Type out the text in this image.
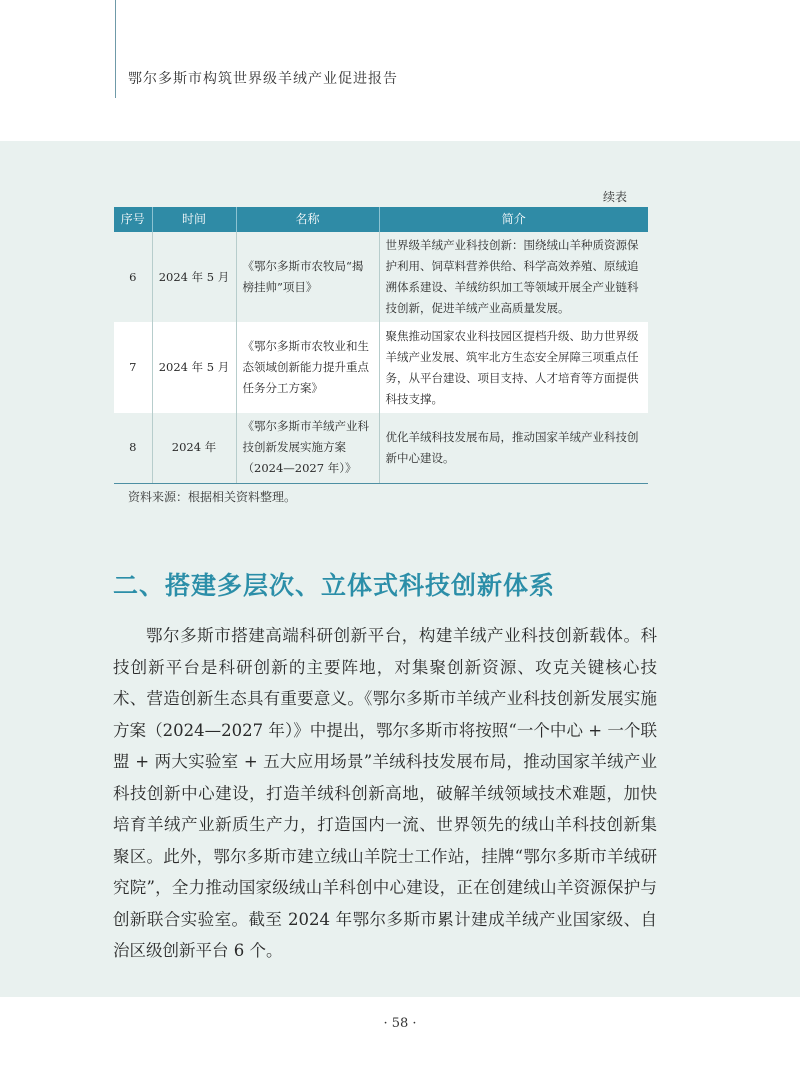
鄂尔多斯市构筑世界级羊绒产业促进报告
续表
序号	时间	名称	简介
6	2024 年 5 月	《鄂尔多斯市农牧局“揭榜挂帅”项目》	世界级羊绒产业科技创新：围绕绒山羊种质资源保护利用、饲草料营养供给、科学高效养殖、原绒追溯体系建设、羊绒纺织加工等领域开展全产业链科技创新，促进羊绒产业高质量发展。
7	2024 年 5 月	《鄂尔多斯市农牧业和生态领域创新能力提升重点任务分工方案》	聚焦推动国家农业科技园区提档升级、助力世界级羊绒产业发展、筑牢北方生态安全屏障三项重点任务，从平台建设、项目支持、人才培育等方面提供科技支撑。
8	2024 年	《鄂尔多斯市羊绒产业科技创新发展实施方案（2024—2027 年）》	优化羊绒科技发展布局，推动国家羊绒产业科技创新中心建设。
资料来源：根据相关资料整理。
二、搭建多层次、立体式科技创新体系

鄂尔多斯市搭建高端科研创新平台，构建羊绒产业科技创新载体。科技创新平台是科研创新的主要阵地，对集聚创新资源、攻克关键核心技术、营造创新生态具有重要意义。《鄂尔多斯市羊绒产业科技创新发展实施方案（2024—2027 年）》中提出，鄂尔多斯市将按照“一个中心 + 一个联盟 + 两大实验室 + 五大应用场景”羊绒科技发展布局，推动国家羊绒产业科技创新中心建设，打造羊绒科创新高地，破解羊绒领域技术难题，加快培育羊绒产业新质生产力，打造国内一流、世界领先的绒山羊科技创新集聚区。此外，鄂尔多斯市建立绒山羊院士工作站，挂牌“鄂尔多斯市羊绒研究院”，全力推动国家级绒山羊科创中心建设，正在创建绒山羊资源保护与创新联合实验室。截至 2024 年鄂尔多斯市累计建成羊绒产业国家级、自治区级创新平台 6 个。

· 58 ·
